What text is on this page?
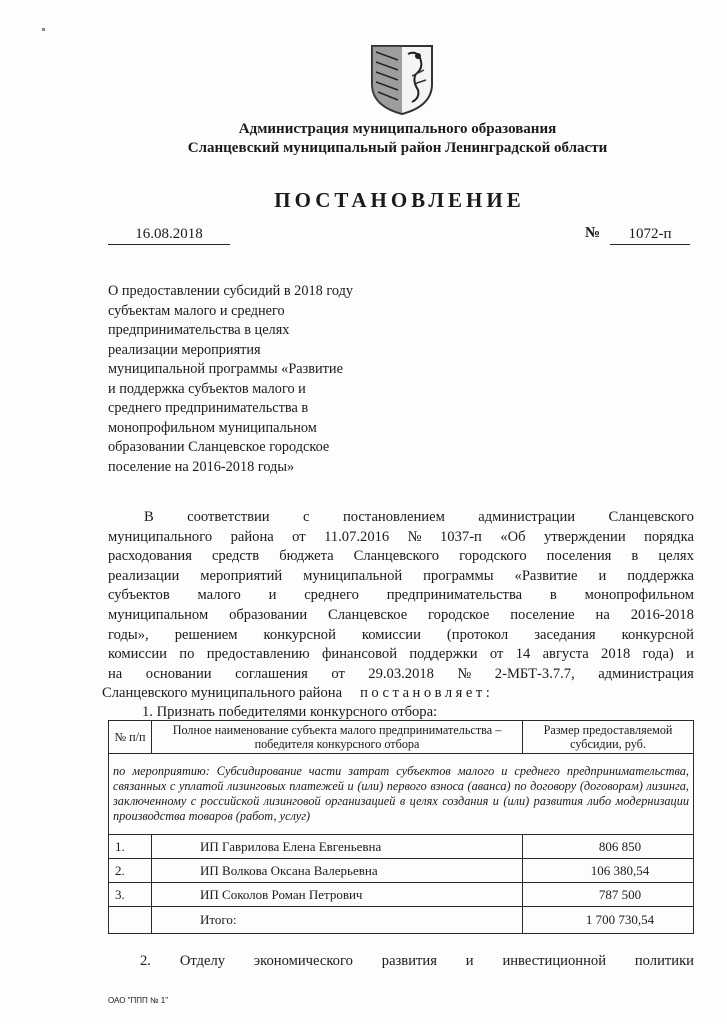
Администрация муниципального образования
Сланцевский муниципальный район Ленинградской области
ПОСТАНОВЛЕНИЕ
16.08.2018	№	1072-п
О предоставлении субсидий в 2018 году
субъектам малого и среднего
предпринимательства в целях
реализации мероприятия
муниципальной программы «Развитие
и поддержка субъектов малого и
среднего предпринимательства в
монопрофильном муниципальном
образовании Сланцевское городское
поселение на 2016-2018 годы»
В соответствии с постановлением администрации Сланцевского
муниципального района от 11.07.2016 № 1037-п «Об утверждении порядка
расходования средств бюджета Сланцевского городского поселения в целях
реализации мероприятий муниципальной программы «Развитие и поддержка
субъектов малого и среднего предпринимательства в монопрофильном
муниципальном образовании Сланцевское городское поселение на 2016-2018
годы», решением конкурсной комиссии (протокол заседания конкурсной
комиссии по предоставлению финансовой поддержки от 14 августа 2018 года) и
на основании соглашения от 29.03.2018 № 2-МБТ-3.7.7, администрация
Сланцевского муниципального района постановляет:
1. Признать победителями конкурсного отбора:
№ п/п	Полное наименование субъекта малого предпринимательства – победителя конкурсного отбора	Размер предоставляемой субсидии, руб.
по мероприятию: Субсидирование части затрат субъектов малого и среднего предпринимательства, связанных с уплатой лизинговых платежей и (или) первого взноса (аванса) по договору (договорам) лизинга, заключенному с российской лизинговой организацией в целях создания и (или) развития либо модернизации производства товаров (работ, услуг)		
1.	ИП Гаврилова Елена Евгеньевна	806 850
2.	ИП Волкова Оксана Валерьевна	106 380,54
3.	ИП Соколов Роман Петрович	787 500
	Итого:	1 700 730,54
2. Отделу экономического развития и инвестиционной политики
ОАО "ППП № 1"
